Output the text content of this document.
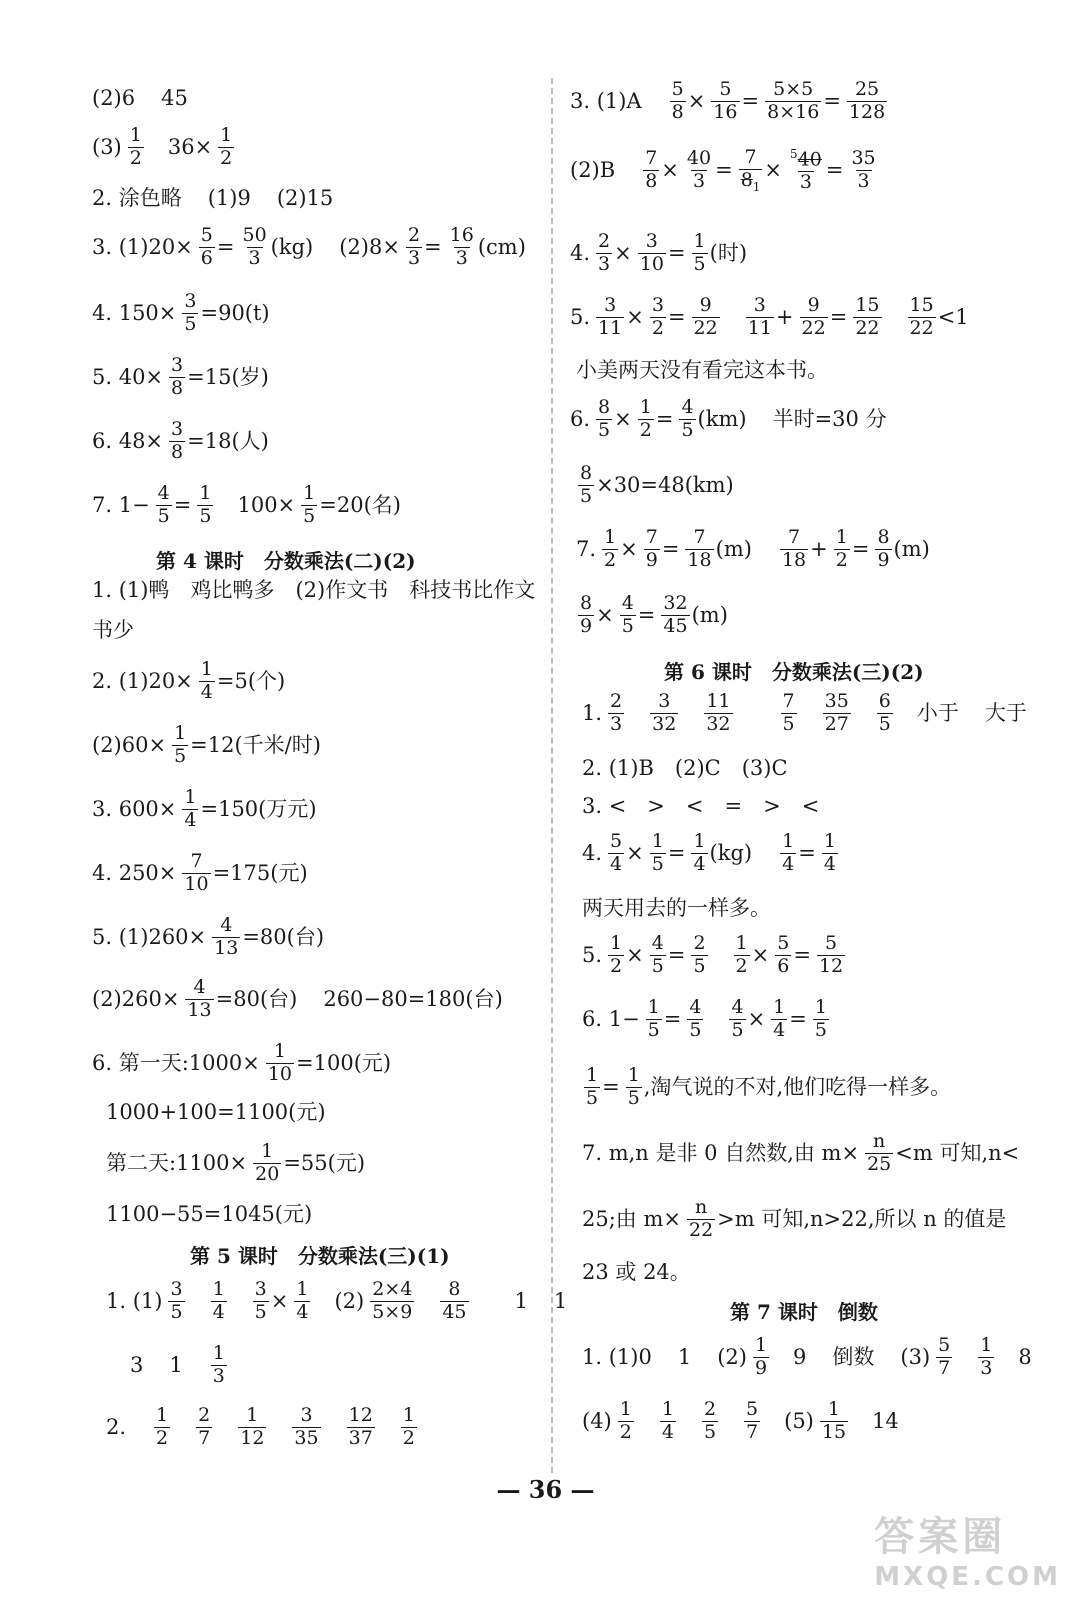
(2)6 45
(3) 1
2 $36\times \frac{1}{2}$
2. 涂色略 (1)9 (2)15
3. $(1)20\times \frac{5}{6} = \frac{50}{3} (kg)$ $(2)8\times \frac{2}{3} = \frac{16}{3} (cm)$
4. $150\times \frac{3}{5} =90(t)$
5. $40\times \frac{3}{8} =15$(岁)
6. $48\times \frac{3}{8} =18$(人)
7. $1- \frac{4}{5} = \frac{1}{5} 100\times \frac{1}{5} =20$(名)
第 4 课时　分数乘法(二)(2)
1. (1)鸭　鸡比鸭多　(2)作文书　科技书比作文
书少
2. $(1)20\times \frac{1}{4} =5$(个)
$(2)60\times \frac{1}{5} =12$(千米/时)
3. $600\times \frac{1}{4} =150$(万元)
4. $250\times \frac{7}{10} =175$(元)
5. $(1)260\times \frac{4}{13} =80$(台)
$(2)260\times \frac{4}{13} =80$(台) 260−80=180(台)
6. 第一天:1000× $\frac{1}{10} =100$(元)
1000+100=1100(元)
第二天:1100× $\frac{1}{20} =55$(元)
1100−55=1045(元)
第 5 课时　分数乘法(三)(1)
1. (1) 3
5
1
$4 \frac{3}{5} \times \frac{1}{4} (2)$ 2×4
5×9
8
45 1 1
3 1 1
3
2. 1
2
2
7
1
12
3
35
12
37
1
2
3. $(1)A \frac{5}{8} \times \frac{5}{16} = \frac{5\times 5}{8\times 16} = \frac{25}{128}$
$(2)B \frac{7}{8} \times \frac{40}{3} = \frac{7}{8_1} \times \frac{^540}{3} = \frac{35}{3}$
4. $\frac{2}{3} \times \frac{3}{10} = \frac{1}{5}$ (时)
5. $\frac{3}{11} \times \frac{3}{2} = \frac{9}{22} 3$
$11 + \frac{9}{22} = \frac{15}{22} 15$
22 <1
小美两天没有看完这本书。
6. $\frac{8}{5} \times \frac{1}{2} = \frac{4}{5} (km)$ 半时=30 分
$\frac{8}{5} \times 30=48(km)$
7. $\frac{1}{2} \times \frac{7}{9} = \frac{7}{18} (m)$ 7
$18 + \frac{1}{2} = \frac{8}{9} (m)$
$\frac{8}{9} \times \frac{4}{5} = \frac{32}{45} (m)$
第 6 课时　分数乘法(三)(2)
1. 2
3
3
32
11
32
7
5
35
27
6
5 小于 大于
2. (1)B　(2)C　(3)C
3. <　>　<　=　>　<
4. $\frac{5}{4} \times \frac{1}{5} = \frac{1}{4} (kg) \frac{1}{4} = \frac{1}{4}$
两天用去的一样多。
5. $\frac{1}{2} \times \frac{4}{5} = \frac{2}{5} \frac{1}{2} \times \frac{5}{6} = \frac{5}{12}$
6. $1- \frac{1}{5} = \frac{4}{5} \frac{4}{5} \times \frac{1}{4} = \frac{1}{5}$
$\frac{1}{5} = \frac{1}{5}$ ,淘气说的不对,他们吃得一样多。
7. m,n 是非 0 自然数,由 $m\times \frac{n}{25} <m$ 可知,n<
25;由 $m\times \frac{n}{22} >m$ 可知,n>22,所以 n 的值是
23 或 24。
第 7 课时　倒数
1. (1)0 1 (2) 1
9 9 倒数 (3) 5
7
1
3 8
(4) 1
2
1
4
2
5
5
7 (5) 1
15 14
— 36 —
答案圈
MXQE.COM
